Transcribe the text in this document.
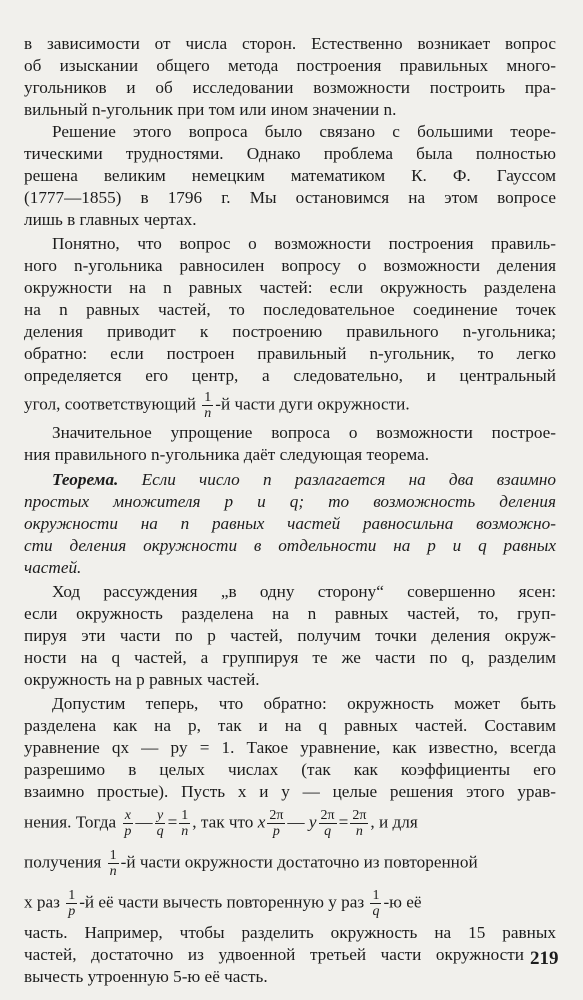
в зависимости от числа сторон. Естественно возникает вопрос
об изыскании общего метода построения правильных много-
угольников и об исследовании возможности построить пра-
вильный n-угольник при том или ином значении n.
Решение этого вопроса было связано с большими теоре-
тическими трудностями. Однако проблема была полностью
решена великим немецким математиком К. Ф. Гауссом
(1777—1855) в 1796 г. Мы остановимся на этом вопросе
лишь в главных чертах.
Понятно, что вопрос о возможности построения правиль-
ного n-угольника равносилен вопросу о возможности деления
окружности на n равных частей: если окружность разделена
на n равных частей, то последовательное соединение точек
деления приводит к построению правильного n-угольника;
обратно: если построен правильный n-угольник, то легко
определяется его центр, а следовательно, и центральный
угол, соответствующий $\frac{1}{n} -й$ части дуги окружности.
Значительное упрощение вопроса о возможности построе-
ния правильного n-угольника даёт следующая теорема.
Теорема. Если число n разлагается на два взаимно
простых множителя p и q; то возможность деления
окружности на n равных частей равносильна возможно-
сти деления окружности в отдельности на p и q равных
частей.
Ход рассуждения „в одну сторону“ совершенно ясен:
если окружность разделена на n равных частей, то, груп-
пируя эти части по p частей, получим точки деления окруж-
ности на q частей, а группируя те же части по q, разделим
окружность на p равных частей.
Допустим теперь, что обратно: окружность может быть
разделена как на p, так и на q равных частей. Составим
уравнение qx — py = 1. Такое уравнение, как известно, всегда
разрешимо в целых числах (так как коэффициенты его
взаимно простые). Пусть x и y — целые решения этого урав-
нения. Тогда $\frac{x}{p}$ — $\frac{y}{q} = \frac{1}{n}$ , так что x $\frac{2\pi}{p}$ — y $\frac{2\pi}{q} = \frac{2\pi}{n}$ , и для
получения $\frac{1}{n} -й$ части окружности достаточно из повторенной
x раз $\frac{1}{p} -й$ её части вычесть повторенную y раз $\frac{1}{q} -ю$ её
часть. Например, чтобы разделить окружность на 15 равных
частей, достаточно из удвоенной третьей части окружности
вычесть утроенную 5-ю её часть.
219
